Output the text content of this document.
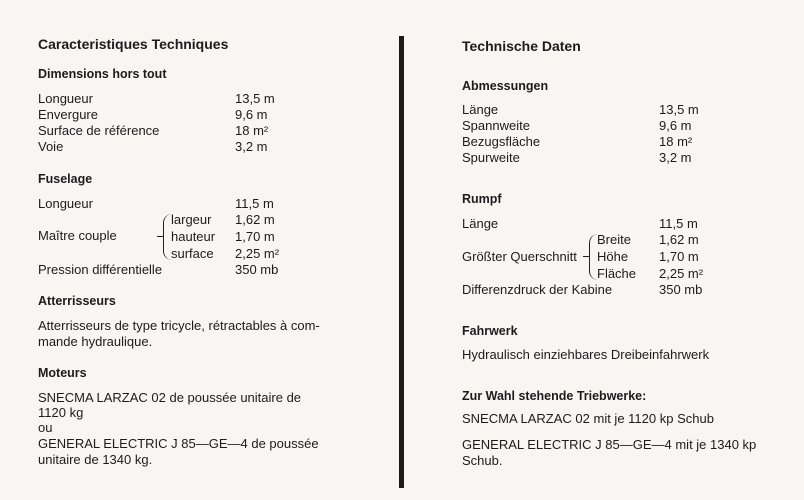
Caracteristiques Techniques
Dimensions hors tout
Longueur	13,5 m
Envergure	9,6 m
Surface de référence	18 m²
Voie	3,2 m
Fuselage
Longueur	11,5 m
Maître couple
largeur 1,62 m
hauteur 1,70 m
surface 2,25 m²
Pression différentielle	350 mb
Atterrisseurs
Atterrisseurs de type tricycle, rétractables à com-
mande hydraulique.
Moteurs
SNECMA LARZAC 02 de poussée unitaire de
1120 kg
ou
GENERAL ELECTRIC J 85—GE—4 de poussée
unitaire de 1340 kg.
Technische Daten
Abmessungen
Länge	13,5 m
Spannweite	9,6 m
Bezugsfläche	18 m²
Spurweite	3,2 m
Rumpf
Länge	11,5 m
Größter Querschnitt
Breite 1,62 m
Höhe 1,70 m
Fläche 2,25 m²
Differenzdruck der Kabine	350 mb
Fahrwerk
Hydraulisch einziehbares Dreibeinfahrwerk
Zur Wahl stehende Triebwerke:
SNECMA LARZAC 02 mit je 1120 kp Schub
GENERAL ELECTRIC J 85—GE—4 mit je 1340 kp
Schub.
